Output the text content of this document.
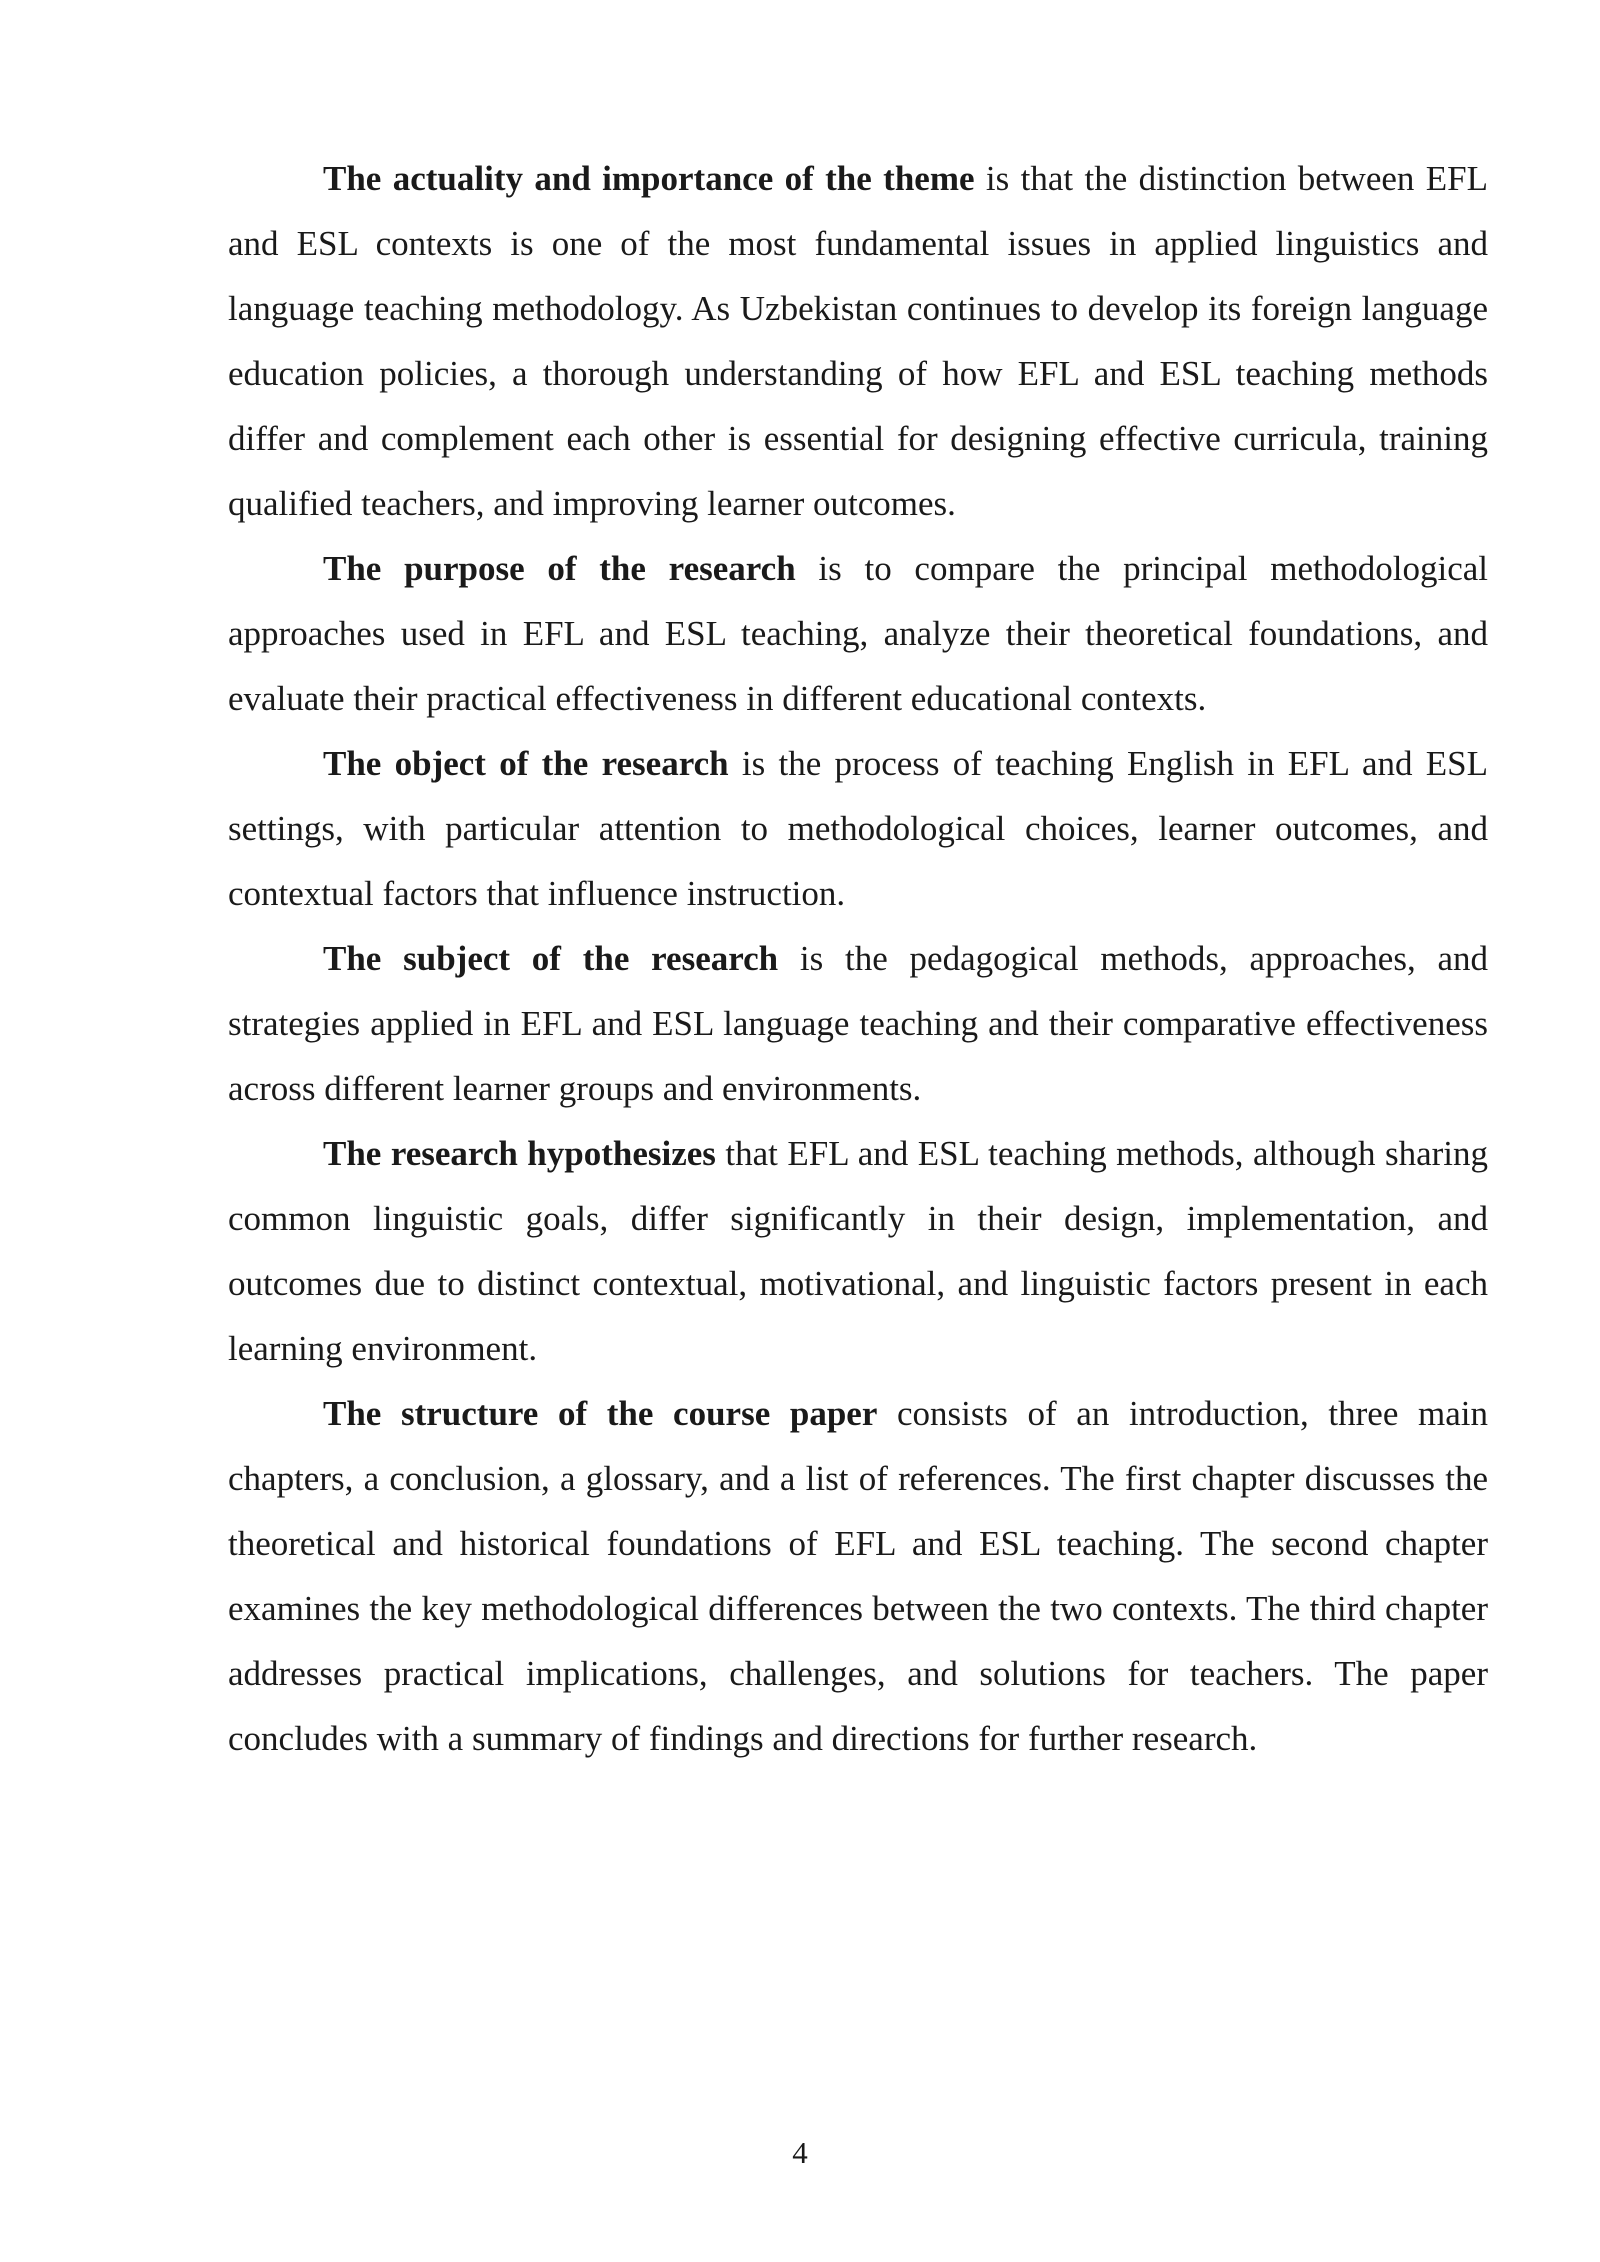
The actuality and importance of the theme is that the distinction between EFL and ESL contexts is one of the most fundamental issues in applied linguistics and language teaching methodology. As Uzbekistan continues to develop its foreign language education policies, a thorough understanding of how EFL and ESL teaching methods differ and complement each other is essential for designing effective curricula, training qualified teachers, and improving learner outcomes.

The purpose of the research is to compare the principal methodological approaches used in EFL and ESL teaching, analyze their theoretical foundations, and evaluate their practical effectiveness in different educational contexts.

The object of the research is the process of teaching English in EFL and ESL settings, with particular attention to methodological choices, learner outcomes, and contextual factors that influence instruction.

The subject of the research is the pedagogical methods, approaches, and strategies applied in EFL and ESL language teaching and their comparative effectiveness across different learner groups and environments.

The research hypothesizes that EFL and ESL teaching methods, although sharing common linguistic goals, differ significantly in their design, implementation, and outcomes due to distinct contextual, motivational, and linguistic factors present in each learning environment.

The structure of the course paper consists of an introduction, three main chapters, a conclusion, a glossary, and a list of references. The first chapter discusses the theoretical and historical foundations of EFL and ESL teaching. The second chapter examines the key methodological differences between the two contexts. The third chapter addresses practical implications, challenges, and solutions for teachers. The paper concludes with a summary of findings and directions for further research.

4
